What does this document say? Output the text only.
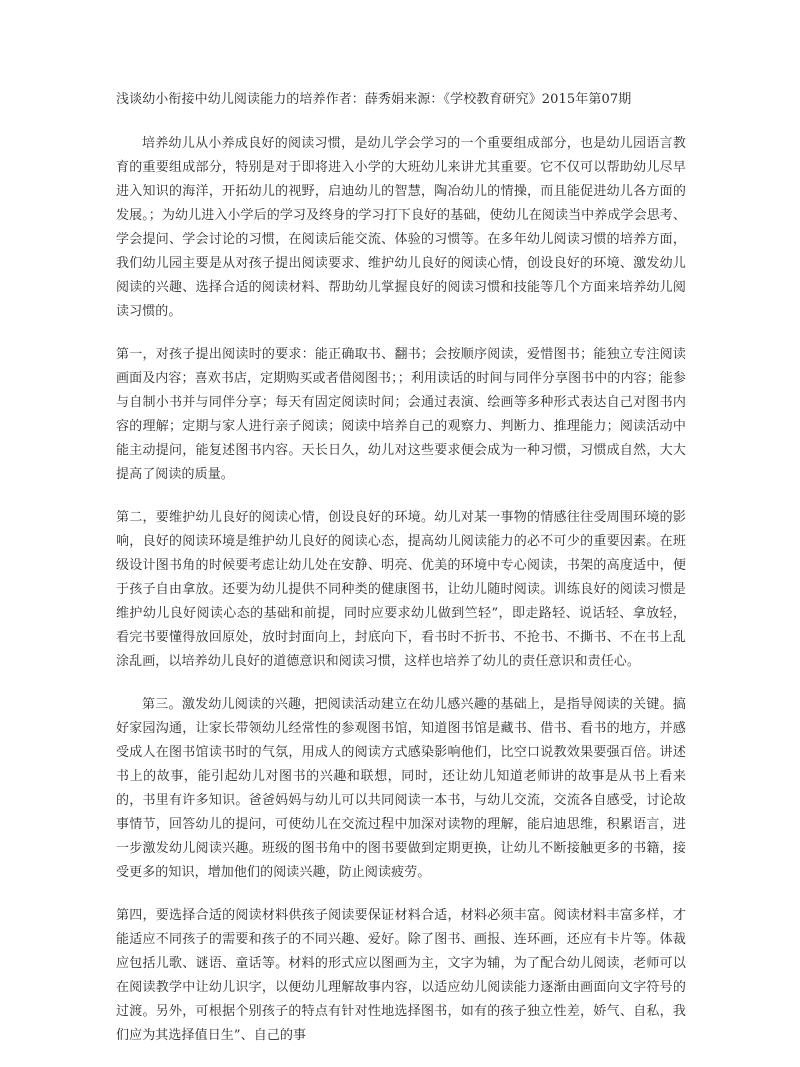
浅谈幼小衔接中幼儿阅读能力的培养作者：薛秀娟来源：《学校教育研究》2015年第07期

培养幼儿从小养成良好的阅读习惯，是幼儿学会学习的一个重要组成部分，也是幼儿园语言教育的重要组成部分，特别是对于即将进入小学的大班幼儿来讲尤其重要。它不仅可以帮助幼儿尽早进入知识的海洋，开拓幼儿的视野，启迪幼儿的智慧，陶冶幼儿的情操，而且能促进幼儿各方面的发展。；为幼儿进入小学后的学习及终身的学习打下良好的基础，使幼儿在阅读当中养成学会思考、学会提问、学会讨论的习惯，在阅读后能交流、体验的习惯等。在多年幼儿阅读习惯的培养方面，我们幼儿园主要是从对孩子提出阅读要求、维护幼儿良好的阅读心情，创设良好的环境、激发幼儿阅读的兴趣、选择合适的阅读材料、帮助幼儿掌握良好的阅读习惯和技能等几个方面来培养幼儿阅读习惯的。

第一，对孩子提出阅读时的要求：能正确取书、翻书；会按顺序阅读，爱惜图书；能独立专注阅读画面及内容；喜欢书店，定期购买或者借阅图书；；利用读话的时间与同伴分享图书中的内容；能参与自制小书并与同伴分享；每天有固定阅读时间；会通过表演、绘画等多种形式表达自己对图书内容的理解；定期与家人进行亲子阅读；阅读中培养自己的观察力、判断力、推理能力；阅读活动中能主动提问，能复述图书内容。天长日久，幼儿对这些要求便会成为一种习惯，习惯成自然，大大提高了阅读的质量。

第二，要维护幼儿良好的阅读心情，创设良好的环境。幼儿对某一事物的情感往往受周围环境的影响，良好的阅读环境是维护幼儿良好的阅读心态，提高幼儿阅读能力的必不可少的重要因素。在班级设计图书角的时候要考虑让幼儿处在安静、明亮、优美的环境中专心阅读，书架的高度适中，便于孩子自由拿放。还要为幼儿提供不同种类的健康图书，让幼儿随时阅读。训练良好的阅读习惯是维护幼儿良好阅读心态的基础和前提，同时应要求幼儿做到竺轻”，即走路轻、说话轻、拿放轻，看完书要懂得放回原处，放时封面向上，封底向下，看书时不折书、不抢书、不撕书、不在书上乱涂乱画，以培养幼儿良好的道德意识和阅读习惯，这样也培养了幼儿的责任意识和责任心。

第三。激发幼儿阅读的兴趣，把阅读活动建立在幼儿感兴趣的基础上，是指导阅读的关键。搞好家园沟通，让家长带领幼儿经常性的参观图书馆，知道图书馆是藏书、借书、看书的地方，并感受成人在图书馆读书时的气氛，用成人的阅读方式感染影响他们，比空口说教效果要强百倍。讲述书上的故事，能引起幼儿对图书的兴趣和联想，同时，还让幼儿知道老师讲的故事是从书上看来的，书里有许多知识。爸爸妈妈与幼儿可以共同阅读一本书，与幼儿交流，交流各自感受，讨论故事情节，回答幼儿的提问，可使幼儿在交流过程中加深对读物的理解，能启迪思维，积累语言，进一步激发幼儿阅读兴趣。班级的图书角中的图书要做到定期更换，让幼儿不断接触更多的书籍，接受更多的知识，增加他们的阅读兴趣，防止阅读疲劳。

第四，要选择合适的阅读材料供孩子阅读要保证材料合适，材料必须丰富。阅读材料丰富多样，才能适应不同孩子的需要和孩子的不同兴趣、爱好。除了图书、画报、连环画，还应有卡片等。体裁应包括儿歌、谜语、童话等。材料的形式应以图画为主，文字为辅，为了配合幼儿阅读，老师可以在阅读教学中让幼儿识字，以便幼儿理解故事内容，以适应幼儿阅读能力逐渐由画面向文字符号的过渡。另外，可根据个别孩子的特点有针对性地选择图书，如有的孩子独立性差，娇气、自私，我们应为其选择值日生”、自己的事
